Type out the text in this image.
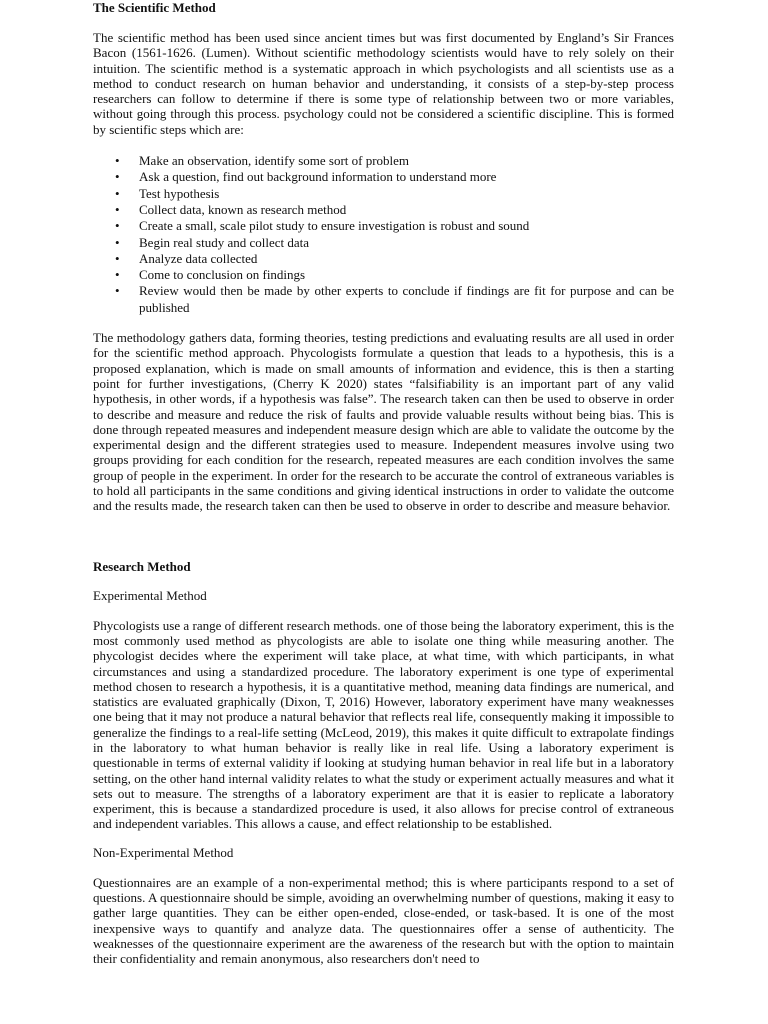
The Scientific Method

The scientific method has been used since ancient times but was first documented by England’s Sir Frances Bacon (1561-1626. (Lumen). Without scientific methodology scientists would have to rely solely on their intuition. The scientific method is a systematic approach in which psychologists and all scientists use as a method to conduct research on human behavior and understanding, it consists of a step-by-step process researchers can follow to determine if there is some type of relationship between two or more variables, without going through this process. psychology could not be considered a scientific discipline. This is formed by scientific steps which are:

• Make an observation, identify some sort of problem
• Ask a question, find out background information to understand more
• Test hypothesis
• Collect data, known as research method
• Create a small, scale pilot study to ensure investigation is robust and sound
• Begin real study and collect data
• Analyze data collected
• Come to conclusion on findings
• Review would then be made by other experts to conclude if findings are fit for purpose and can be published

The methodology gathers data, forming theories, testing predictions and evaluating results are all used in order for the scientific method approach. Phycologists formulate a question that leads to a hypothesis, this is a proposed explanation, which is made on small amounts of information and evidence, this is then a starting point for further investigations, (Cherry K 2020) states “falsifiability is an important part of any valid hypothesis, in other words, if a hypothesis was false”. The research taken can then be used to observe in order to describe and measure and reduce the risk of faults and provide valuable results without being bias. This is done through repeated measures and independent measure design which are able to validate the outcome by the experimental design and the different strategies used to measure. Independent measures involve using two groups providing for each condition for the research, repeated measures are each condition involves the same group of people in the experiment. In order for the research to be accurate the control of extraneous variables is to hold all participants in the same conditions and giving identical instructions in order to validate the outcome and the results made, the research taken can then be used to observe in order to describe and measure behavior.

Research Method
Experimental Method

Phycologists use a range of different research methods. one of those being the laboratory experiment, this is the most commonly used method as phycologists are able to isolate one thing while measuring another. The phycologist decides where the experiment will take place, at what time, with which participants, in what circumstances and using a standardized procedure. The laboratory experiment is one type of experimental method chosen to research a hypothesis, it is a quantitative method, meaning data findings are numerical, and statistics are evaluated graphically (Dixon, T, 2016) However, laboratory experiment have many weaknesses one being that it may not produce a natural behavior that reflects real life, consequently making it impossible to generalize the findings to a real-life setting (McLeod, 2019), this makes it quite difficult to extrapolate findings in the laboratory to what human behavior is really like in real life. Using a laboratory experiment is questionable in terms of external validity if looking at studying human behavior in real life but in a laboratory setting, on the other hand internal validity relates to what the study or experiment actually measures and what it sets out to measure. The strengths of a laboratory experiment are that it is easier to replicate a laboratory experiment, this is because a standardized procedure is used, it also allows for precise control of extraneous and independent variables. This allows a cause, and effect relationship to be established.

Non-Experimental Method

Questionnaires are an example of a non-experimental method; this is where participants respond to a set of questions. A questionnaire should be simple, avoiding an overwhelming number of questions, making it easy to gather large quantities. They can be either open-ended, close-ended, or task-based. It is one of the most inexpensive ways to quantify and analyze data. The questionnaires offer a sense of authenticity. The weaknesses of the questionnaire experiment are the awareness of the research but with the option to maintain their confidentiality and remain anonymous, also researchers don't need to
